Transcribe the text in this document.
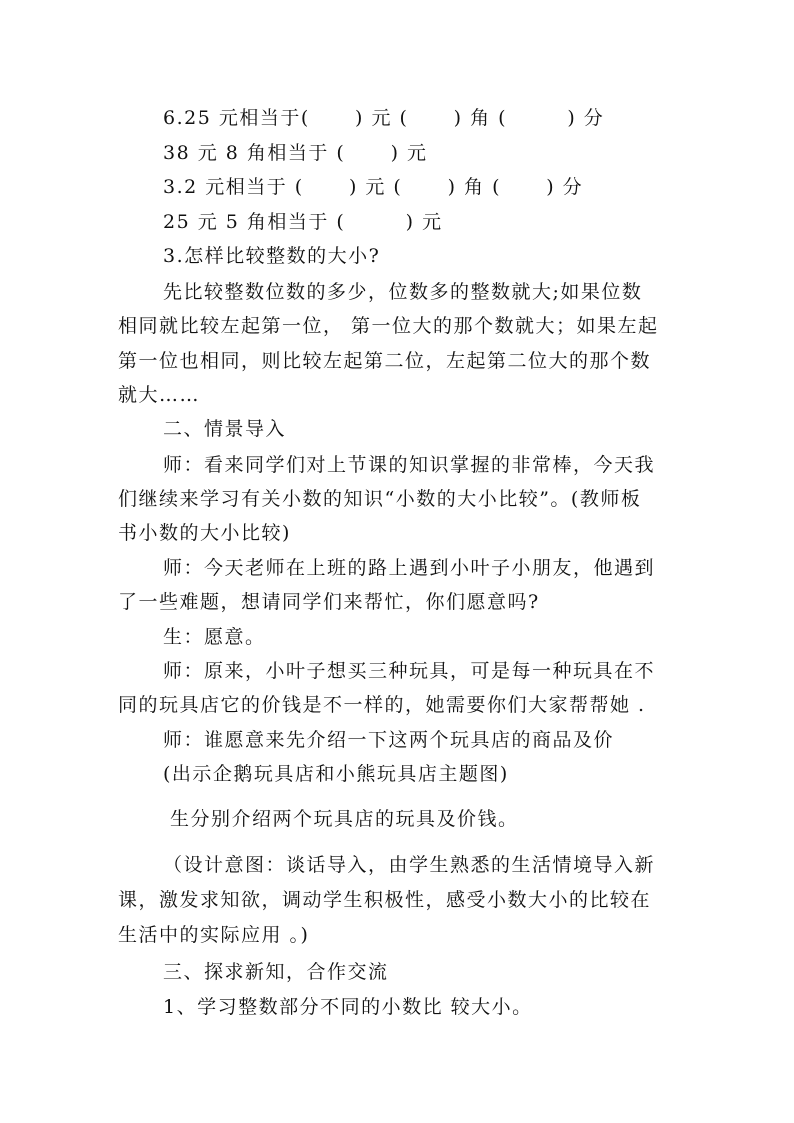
6.25 元相当于(      ) 元 (      ) 角 (        ) 分
38 元 8 角相当于 (      ) 元
3.2 元相当于 (      ) 元 (      ) 角 (      ) 分
25 元 5 角相当于 (        ) 元
3.怎样比较整数的大小?
先比较整数位数的多少，位数多的整数就大;如果位数
相同就比较左起第一位， 第一位大的那个数就大；如果左起
第一位也相同，则比较左起第二位，左起第二位大的那个数
就大……
二、情景导入
师：看来同学们对上节课的知识掌握的非常棒，今天我
们继续来学习有关小数的知识“小数的大小比较”。(教师板
书小数的大小比较)
师：今天老师在上班的路上遇到小叶子小朋友，他遇到
了一些难题，想请同学们来帮忙，你们愿意吗?
生：愿意。
师：原来，小叶子想买三种玩具，可是每一种玩具在不
同的玩具店它的价钱是不一样的，她需要你们大家帮帮她 .
师：谁愿意来先介绍一下这两个玩具店的商品及价
(出示企鹅玩具店和小熊玩具店主题图)
生分别介绍两个玩具店的玩具及价钱。
（设计意图：谈话导入，由学生熟悉的生活情境导入新
课，激发求知欲，调动学生积极性，感受小数大小的比较在
生活中的实际应用 。)
三、探求新知，合作交流
1、学习整数部分不同的小数比 较大小。
